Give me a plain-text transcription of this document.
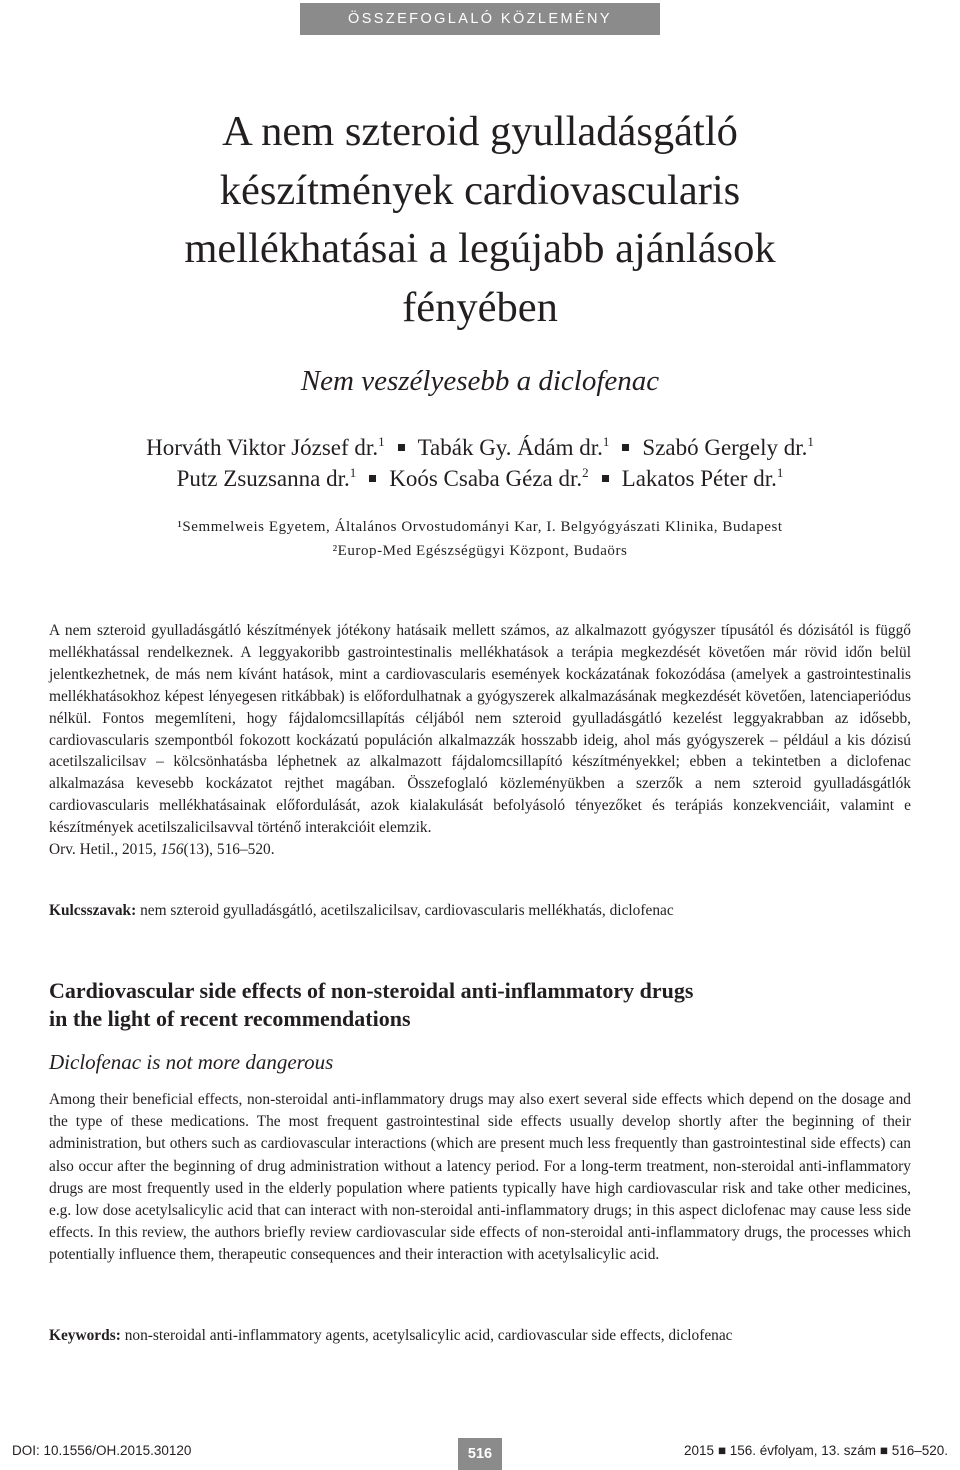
ÖSSZEFOGLALÓ KÖZLEMÉNY
A nem szteroid gyulladásgátló
készítmények cardiovascularis
mellékhatásai a legújabb ajánlások
fényében
Nem veszélyesebb a diclofenac
Horváth Viktor József dr.$^1$ Tabák Gy. Ádám dr.$^1$ Szabó Gergely dr.$^1$
Putz Zsuzsanna dr.$^1$ Koós Csaba Géza dr.$^2$ Lakatos Péter dr.$^1$
¹Semmelweis Egyetem, Általános Orvostudományi Kar, I. Belgyógyászati Klinika, Budapest
²Europ-Med Egészségügyi Központ, Budaörs

A nem szteroid gyulladásgátló készítmények jótékony hatásaik mellett számos, az alkalmazott gyógyszer típusától és dózisától is függő mellékhatással rendelkeznek. A leggyakoribb gastrointestinalis mellékhatások a terápia megkezdését követően már rövid időn belül jelentkezhetnek, de más nem kívánt hatások, mint a cardiovascularis események kockázatának fokozódása (amelyek a gastrointestinalis mellékhatásokhoz képest lényegesen ritkábbak) is előfordulhatnak a gyógyszerek alkalmazásának megkezdését követően, latenciaperiódus nélkül. Fontos megemlíteni, hogy fájdalomcsillapítás céljából nem szteroid gyulladásgátló kezelést leggyakrabban az idősebb, cardiovascularis szempontból fokozott kockázatú populáción alkalmazzák hosszabb ideig, ahol más gyógyszerek – például a kis dózisú acetilszalicilsav – kölcsönhatásba léphetnek az alkalmazott fájdalomcsillapító készítményekkel; ebben a tekintetben a diclofenac alkalmazása kevesebb kockázatot rejthet magában. Összefoglaló közleményükben a szerzők a nem szteroid gyulladásgátlók cardiovascularis mellékhatásainak előfordulását, azok kialakulását befolyásoló tényezőket és terápiás konzekvenciáit, valamint e készítmények acetilszalicilsavval történő interakcióit elemzik.

Orv. Hetil., 2015, 156(13), 516–520.

Kulcsszavak: nem szteroid gyulladásgátló, acetilszalicilsav, cardiovascularis mellékhatás, diclofenac
Cardiovascular side effects of non-steroidal anti-inflammatory drugs
in the light of recent recommendations
Diclofenac is not more dangerous

Among their beneficial effects, non-steroidal anti-inflammatory drugs may also exert several side effects which depend on the dosage and the type of these medications. The most frequent gastrointestinal side effects usually develop shortly after the beginning of their administration, but others such as cardiovascular interactions (which are present much less frequently than gastrointestinal side effects) can also occur after the beginning of drug administration without a latency period. For a long-term treatment, non-steroidal anti-inflammatory drugs are most frequently used in the elderly population where patients typically have high cardiovascular risk and take other medicines, e.g. low dose acetylsalicylic acid that can interact with non-steroidal anti-inflammatory drugs; in this aspect diclofenac may cause less side effects. In this review, the authors briefly review cardiovascular side effects of non-steroidal anti-inflammatory drugs, the processes which potentially influence them, therapeutic consequences and their interaction with acetylsalicylic acid.

Keywords: non-steroidal anti-inflammatory agents, acetylsalicylic acid, cardiovascular side effects, diclofenac
DOI: 10.1556/OH.2015.30120	516	2015 ■ 156. évfolyam, 13. szám ■ 516–520.
